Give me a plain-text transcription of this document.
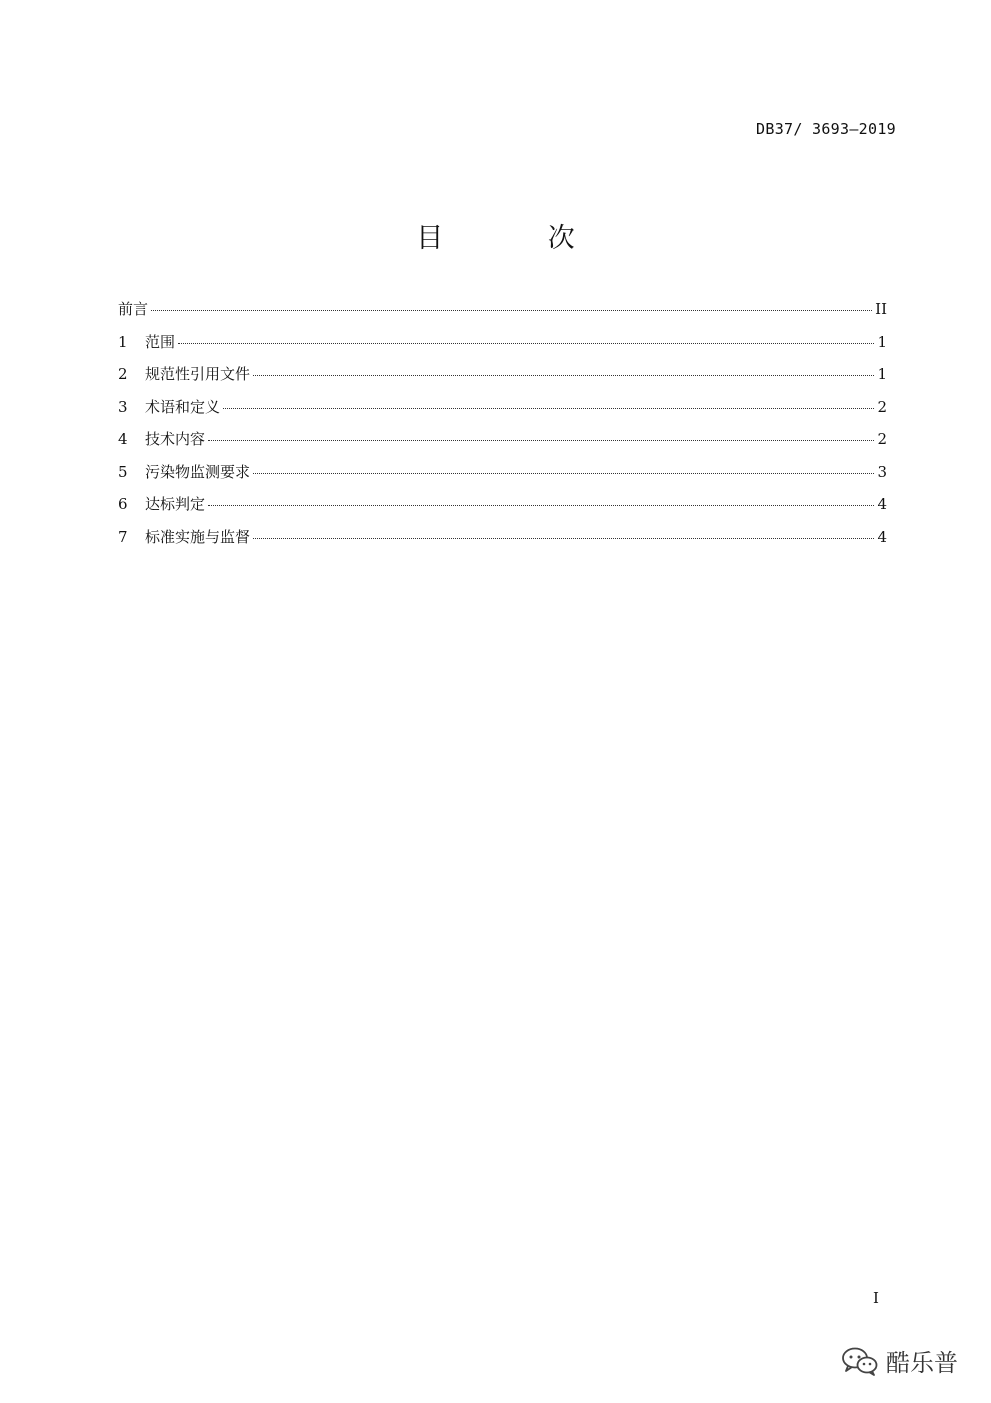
DB37/ 3693—2019
目 次
前言	II
1	范围	1
2	规范性引用文件	1
3	术语和定义	2
4	技术内容	2
5	污染物监测要求	3
6	达标判定	4
7	标准实施与监督	4
I
酷乐普
